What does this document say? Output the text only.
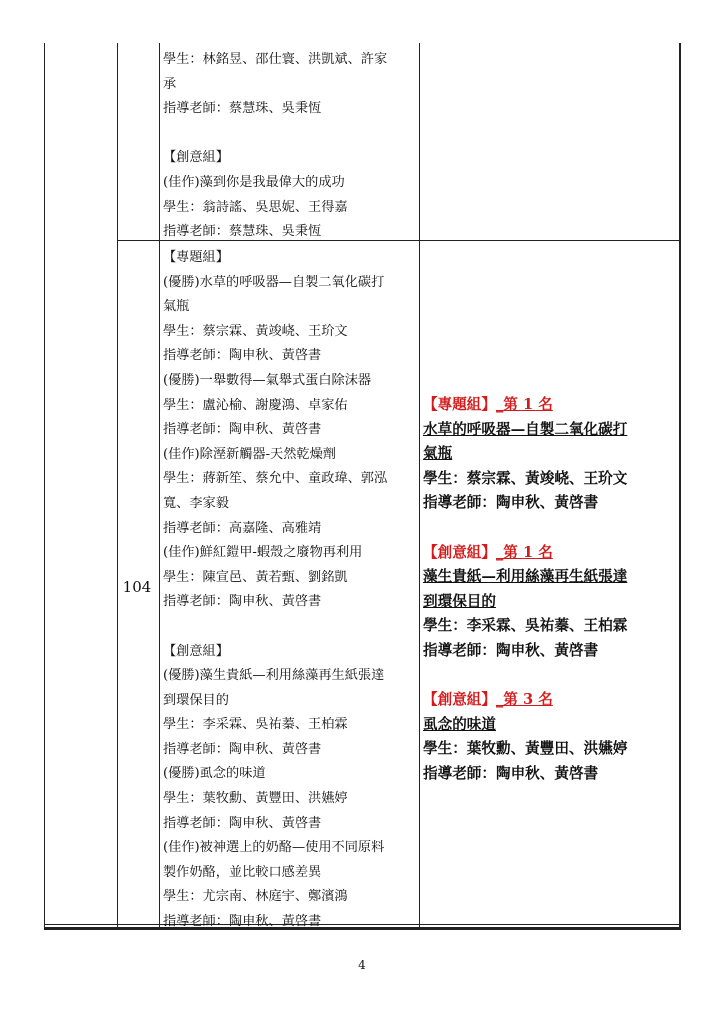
學生：林銘昱、邵仕寰、洪凱斌、許家
承
指導老師：蔡慧珠、吳秉恆
【創意組】
(佳作)藻到你是我最偉大的成功
學生：翁詩謠、吳思妮、王得嘉
指導老師：蔡慧珠、吳秉恆
104
【專題組】
(優勝)水草的呼吸器—自製二氧化碳打
氣瓶
學生：蔡宗霖、黃竣峣、王玠文
指導老師：陶申秋、黃啓書
(優勝)一舉數得—氣舉式蛋白除沫器
學生：盧沁榆、謝慶鴻、卓家佑
指導老師：陶申秋、黃啓書
(佳作)除溼新觸器-天然乾燥劑
學生：蔣新笙、蔡允中、童政瑋、郭泓
寬、李家毅
指導老師：高嘉隆、高雅靖
(佳作)鮮紅鎧甲-蝦殼之廢物再利用
學生：陳宣邑、黃若甄、劉銘凱
指導老師：陶申秋、黃啓書
【創意組】
(優勝)藻生貴紙—利用絲藻再生紙張達
到環保目的
學生：李采霖、吳祐蓁、王柏霖
指導老師：陶申秋、黃啓書
(優勝)虱念的味道
學生：葉牧勳、黃豐田、洪嬿婷
指導老師：陶申秋、黃啓書
(佳作)被神選上的奶酪—使用不同原料
製作奶酪，並比較口感差異
學生：尤宗南、林庭宇、鄭濱鴻
指導老師：陶申秋、黃啓書
【專題組】_第 1 名
水草的呼吸器—自製二氧化碳打
氣瓶
學生：蔡宗霖、黃竣峣、王玠文
指導老師：陶申秋、黃啓書
【創意組】_第 1 名
藻生貴紙—利用絲藻再生紙張達
到環保目的
學生：李采霖、吳祐蓁、王柏霖
指導老師：陶申秋、黃啓書
【創意組】_第 3 名
虱念的味道
學生：葉牧勳、黃豐田、洪嬿婷
指導老師：陶申秋、黃啓書
4
